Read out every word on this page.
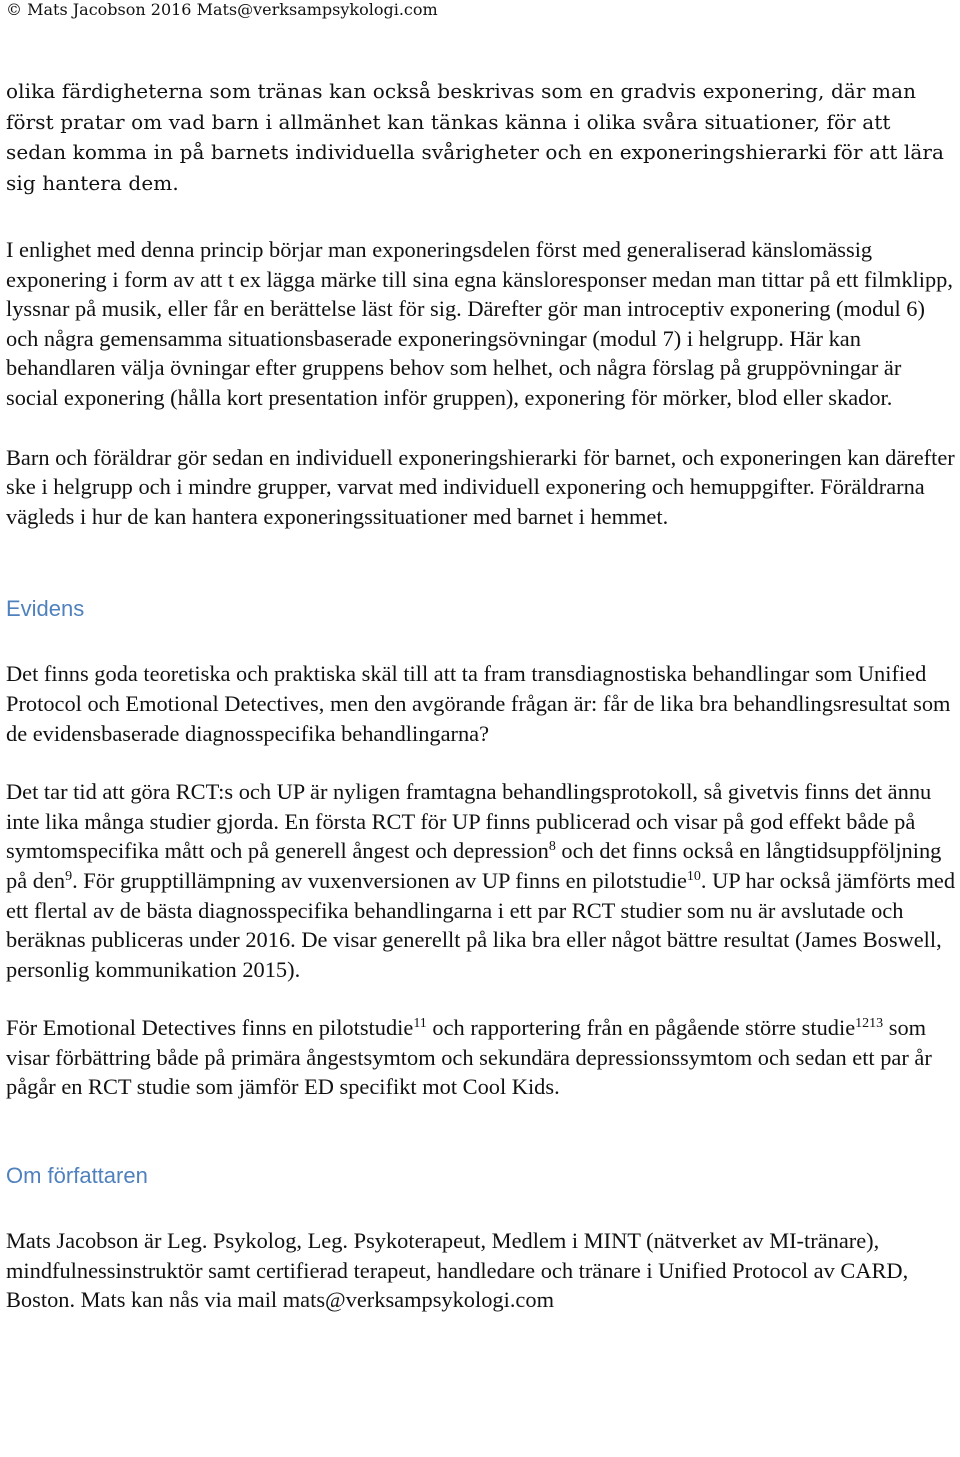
© Mats Jacobson 2016 Mats@verksampsykologi.com

olika färdigheterna som tränas kan också beskrivas som en gradvis exponering, där man först pratar om vad barn i allmänhet kan tänkas känna i olika svåra situationer, för att sedan komma in på barnets individuella svårigheter och en exponeringshierarki för att lära sig hantera dem.

I enlighet med denna princip börjar man exponeringsdelen först med generaliserad känslomässig exponering i form av att t ex lägga märke till sina egna känsloresponser medan man tittar på ett filmklipp, lyssnar på musik, eller får en berättelse läst för sig. Därefter gör man introceptiv exponering (modul 6) och några gemensamma situationsbaserade exponeringsövningar (modul 7) i helgrupp. Här kan behandlaren välja övningar efter gruppens behov som helhet, och några förslag på gruppövningar är social exponering (hålla kort presentation inför gruppen), exponering för mörker, blod eller skador.

Barn och föräldrar gör sedan en individuell exponeringshierarki för barnet, och exponeringen kan därefter ske i helgrupp och i mindre grupper, varvat med individuell exponering och hemuppgifter. Föräldrarna vägleds i hur de kan hantera exponeringssituationer med barnet i hemmet.

Evidens

Det finns goda teoretiska och praktiska skäl till att ta fram transdiagnostiska behandlingar som Unified Protocol och Emotional Detectives, men den avgörande frågan är: får de lika bra behandlingsresultat som de evidensbaserade diagnosspecifika behandlingarna?

Det tar tid att göra RCT:s och UP är nyligen framtagna behandlingsprotokoll, så givetvis finns det ännu inte lika många studier gjorda. En första RCT för UP finns publicerad och visar på god effekt både på symtomspecifika mått och på generell ångest och depression$^8$ och det finns också en långtidsuppföljning på den$^9$. För grupptillämpning av vuxenversionen av UP finns en pilotstudie$^{10}$. UP har också jämförts med ett flertal av de bästa diagnosspecifika behandlingarna i ett par RCT studier som nu är avslutade och beräknas publiceras under 2016. De visar generellt på lika bra eller något bättre resultat (James Boswell, personlig kommunikation 2015).

För Emotional Detectives finns en pilotstudie$^{11}$ och rapportering från en pågående större studie$^{1213}$ som visar förbättring både på primära ångestsymtom och sekundära depressionssymtom och sedan ett par år pågår en RCT studie som jämför ED specifikt mot Cool Kids.

Om författaren

Mats Jacobson är Leg. Psykolog, Leg. Psykoterapeut, Medlem i MINT (nätverket av MI-tränare), mindfulnessinstruktör samt certifierad terapeut, handledare och tränare i Unified Protocol av CARD, Boston. Mats kan nås via mail mats@verksampsykologi.com
